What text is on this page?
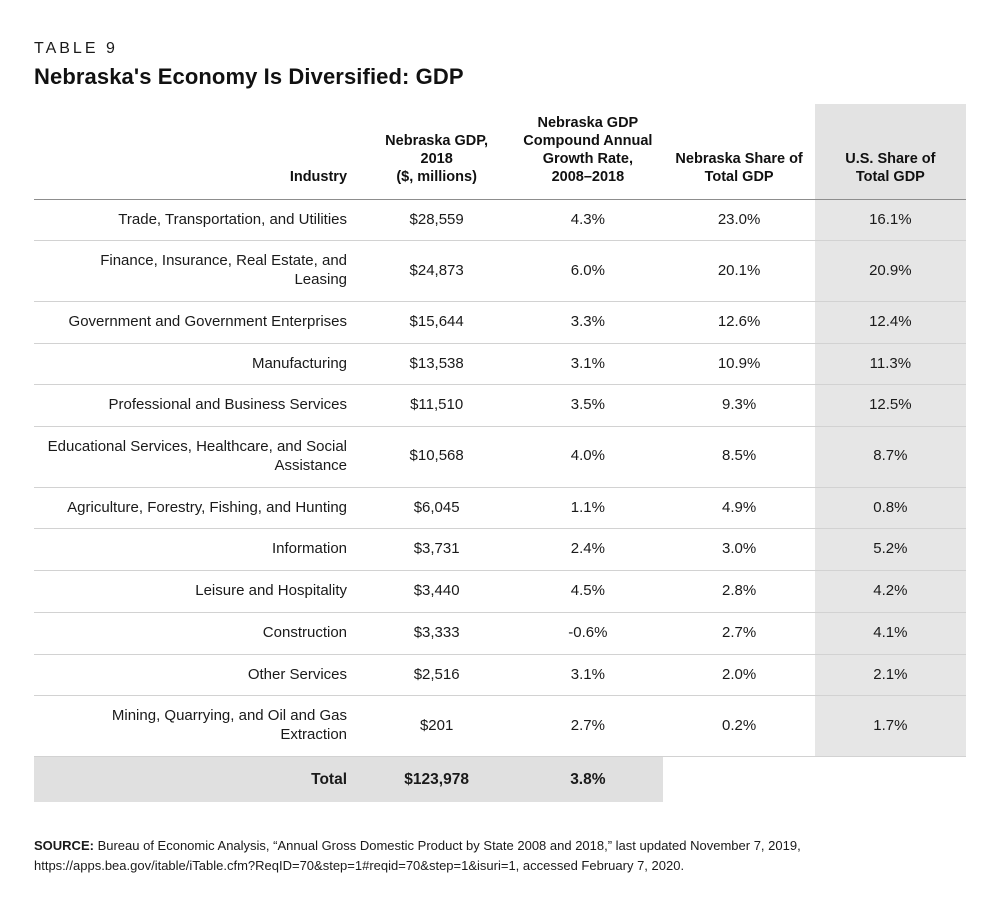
TABLE 9
Nebraska's Economy Is Diversified: GDP
Industry	Nebraska GDP,
2018
($, millions)	Nebraska GDP
Compound Annual
Growth Rate,
2008–2018	Nebraska Share of
Total GDP	U.S. Share of
Total GDP
Trade, Transportation, and Utilities	$28,559	4.3%	23.0%	16.1%
Finance, Insurance, Real Estate, and Leasing	$24,873	6.0%	20.1%	20.9%
Government and Government Enterprises	$15,644	3.3%	12.6%	12.4%
Manufacturing	$13,538	3.1%	10.9%	11.3%
Professional and Business Services	$11,510	3.5%	9.3%	12.5%
Educational Services, Healthcare, and Social Assistance	$10,568	4.0%	8.5%	8.7%
Agriculture, Forestry, Fishing, and Hunting	$6,045	1.1%	4.9%	0.8%
Information	$3,731	2.4%	3.0%	5.2%
Leisure and Hospitality	$3,440	4.5%	2.8%	4.2%
Construction	$3,333	-0.6%	2.7%	4.1%
Other Services	$2,516	3.1%	2.0%	2.1%
Mining, Quarrying, and Oil and Gas Extraction	$201	2.7%	0.2%	1.7%
Total	$123,978	3.8%		
SOURCE: Bureau of Economic Analysis, “Annual Gross Domestic Product by State 2008 and 2018,” last updated November 7, 2019,
https://apps.bea.gov/itable/iTable.cfm?ReqID=70&step=1#reqid=70&step=1&isuri=1, accessed February 7, 2020.
